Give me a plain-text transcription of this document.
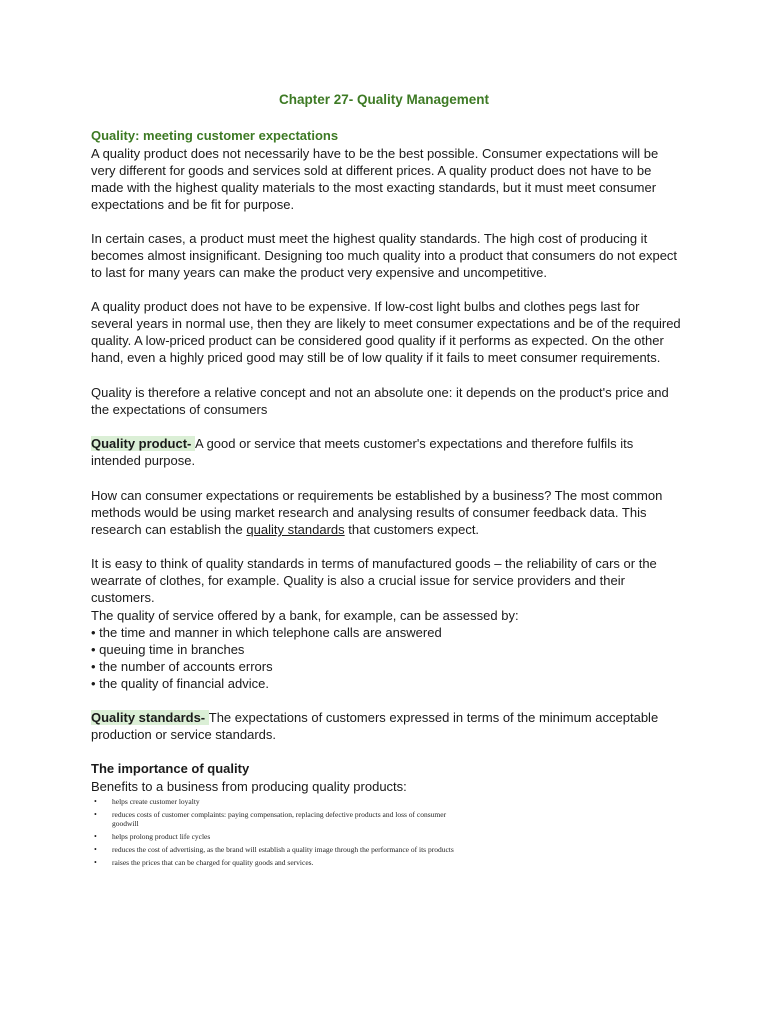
Chapter 27- Quality Management
Quality: meeting customer expectations

A quality product does not necessarily have to be the best possible. Consumer expectations will be very different for goods and services sold at different prices. A quality product does not have to be made with the highest quality materials to the most exacting standards, but it must meet consumer expectations and be fit for purpose.

In certain cases, a product must meet the highest quality standards. The high cost of producing it becomes almost insignificant. Designing too much quality into a product that consumers do not expect to last for many years can make the product very expensive and uncompetitive.

A quality product does not have to be expensive. If low-cost light bulbs and clothes pegs last for several years in normal use, then they are likely to meet consumer expectations and be of the required quality. A low-priced product can be considered good quality if it performs as expected. On the other hand, even a highly priced good may still be of low quality if it fails to meet consumer requirements.

Quality is therefore a relative concept and not an absolute one: it depends on the product's price and the expectations of consumers

Quality product- A good or service that meets customer's expectations and therefore fulfils its intended purpose.

How can consumer expectations or requirements be established by a business? The most common methods would be using market research and analysing results of consumer feedback data. This research can establish the quality standards that customers expect.

It is easy to think of quality standards in terms of manufactured goods – the reliability of cars or the wearrate of clothes, for example. Quality is also a crucial issue for service providers and their customers.

The quality of service offered by a bank, for example, can be assessed by:
• the time and manner in which telephone calls are answered
• queuing time in branches
• the number of accounts errors
• the quality of financial advice.

Quality standards- The expectations of customers expressed in terms of the minimum acceptable production or service standards.

The importance of quality

Benefits to a business from producing quality products:

• helps create customer loyalty
• reduces costs of customer complaints: paying compensation, replacing defective products and loss of consumer goodwill
• helps prolong product life cycles
• reduces the cost of advertising, as the brand will establish a quality image through the performance of its products
• raises the prices that can be charged for quality goods and services.
